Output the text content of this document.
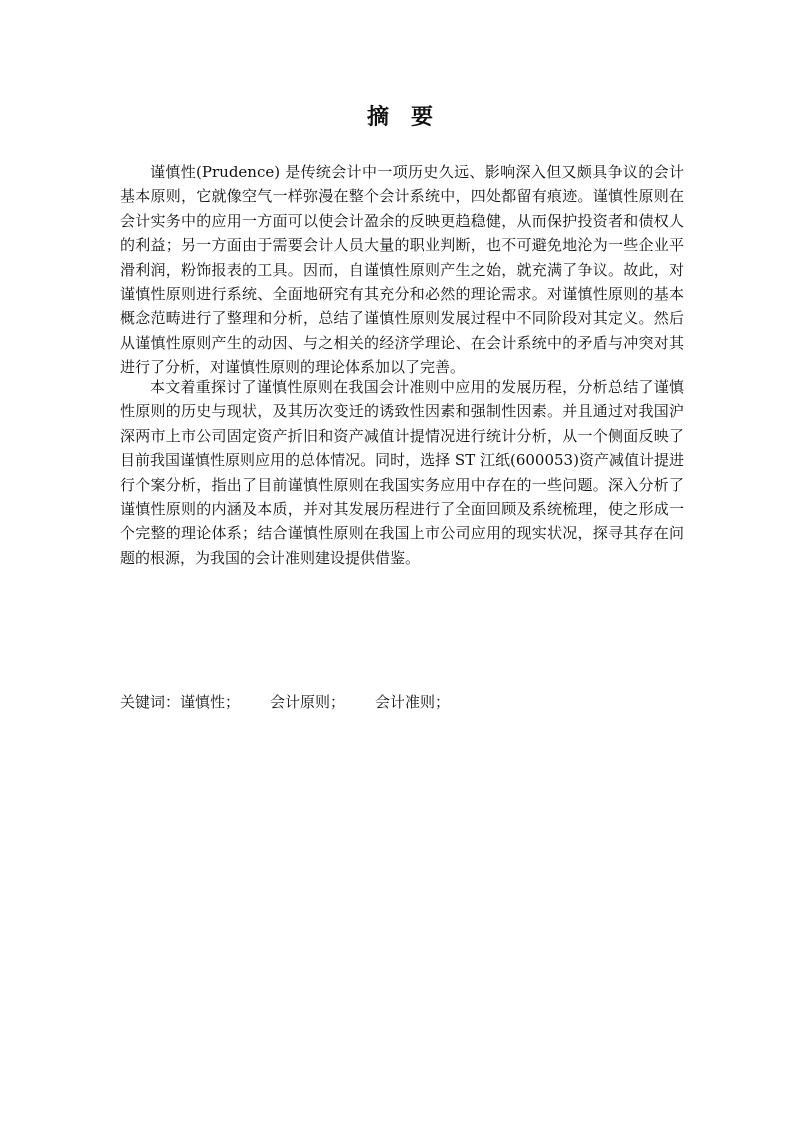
摘要

谨慎性(Prudence) 是传统会计中一项历史久远、影响深入但又颇具争议的会计基本原则，它就像空气一样弥漫在整个会计系统中，四处都留有痕迹。谨慎性原则在会计实务中的应用一方面可以使会计盈余的反映更趋稳健，从而保护投资者和债权人的利益；另一方面由于需要会计人员大量的职业判断，也不可避免地沦为一些企业平滑利润，粉饰报表的工具。因而，自谨慎性原则产生之始，就充满了争议。故此，对谨慎性原则进行系统、全面地研究有其充分和必然的理论需求。对谨慎性原则的基本概念范畴进行了整理和分析，总结了谨慎性原则发展过程中不同阶段对其定义。然后从谨慎性原则产生的动因、与之相关的经济学理论、在会计系统中的矛盾与冲突对其进行了分析，对谨慎性原则的理论体系加以了完善。

本文着重探讨了谨慎性原则在我国会计准则中应用的发展历程，分析总结了谨慎性原则的历史与现状，及其历次变迁的诱致性因素和强制性因素。并且通过对我国沪深两市上市公司固定资产折旧和资产减值计提情况进行统计分析，从一个侧面反映了目前我国谨慎性原则应用的总体情况。同时，选择 ST 江纸(600053)资产减值计提进行个案分析，指出了目前谨慎性原则在我国实务应用中存在的一些问题。深入分析了谨慎性原则的内涵及本质，并对其发展历程进行了全面回顾及系统梳理，使之形成一个完整的理论体系；结合谨慎性原则在我国上市公司应用的现实状况，探寻其存在问题的根源，为我国的会计准则建设提供借鉴。

关键词：谨慎性； 会计原则； 会计准则；
